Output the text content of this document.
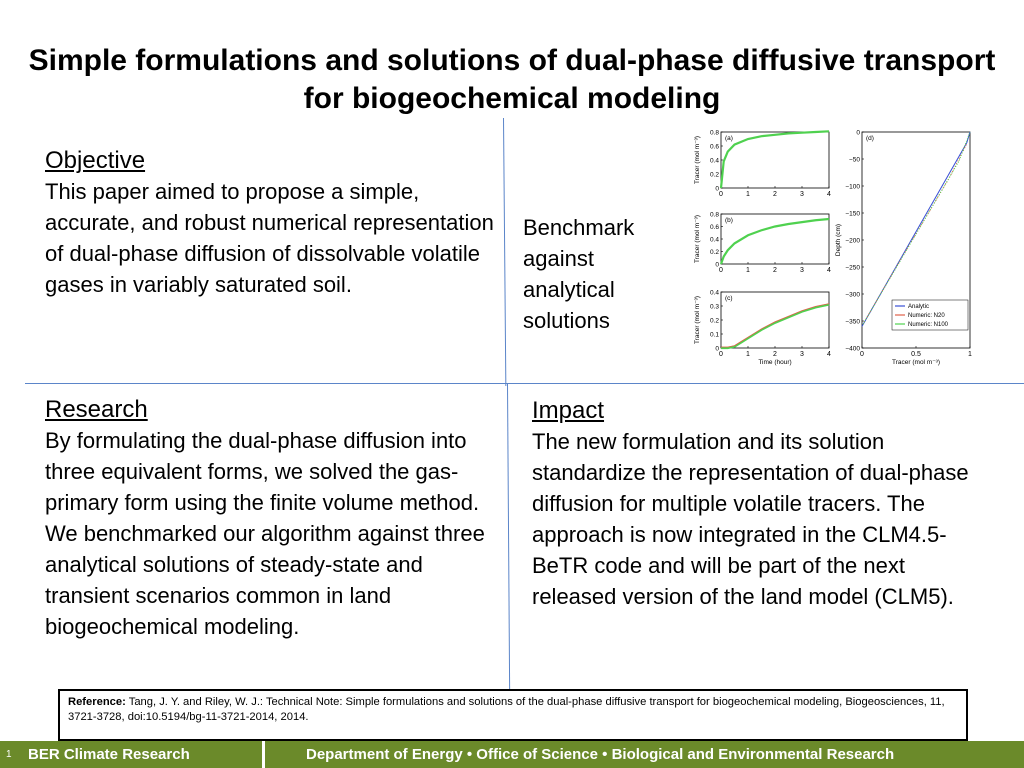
Simple formulations and solutions of dual-phase diffusive transport for biogeochemical modeling
Objective

This paper aimed to propose a simple, accurate, and robust numerical representation of dual-phase diffusion of dissolvable volatile gases in variably saturated soil.

Benchmark against analytical solutions
(a)
0	1	2	3	4
0
0.2
0.4
0.6
0.8
Tracer (mol m⁻³)
(b)
0	1	2	3	4
0
0.2
0.4
0.6
0.8
Tracer (mol m⁻³)
(c)
0	1	2	3	4
0
0.1
0.2
0.3
0.4
Tracer (mol m⁻³)
Time (hour)
(d)
0	0.5	1
0
−50
−100
−150
−200
−250
−300
−350
−400
Depth (cm)
Tracer (mol m⁻³)
Analytic
Numeric: N20
Numeric: N100
Research

By formulating the dual-phase diffusion into three equivalent forms, we solved the gas-primary form using the finite volume method. We benchmarked our algorithm against three analytical solutions of steady-state and transient scenarios common in land biogeochemical modeling.

Impact

The new formulation and its solution standardize the representation of dual-phase diffusion for multiple volatile tracers. The approach is now integrated in the CLM4.5-BeTR code and will be part of the next released version of the land model (CLM5).

Reference: Tang, J. Y. and Riley, W. J.: Technical Note: Simple formulations and solutions of the dual-phase diffusive transport for biogeochemical modeling, Biogeosciences, 11, 3721-3728, doi:10.5194/bg-11-3721-2014, 2014.
1 BER Climate Research	Department of Energy • Office of Science • Biological and Environmental Research
